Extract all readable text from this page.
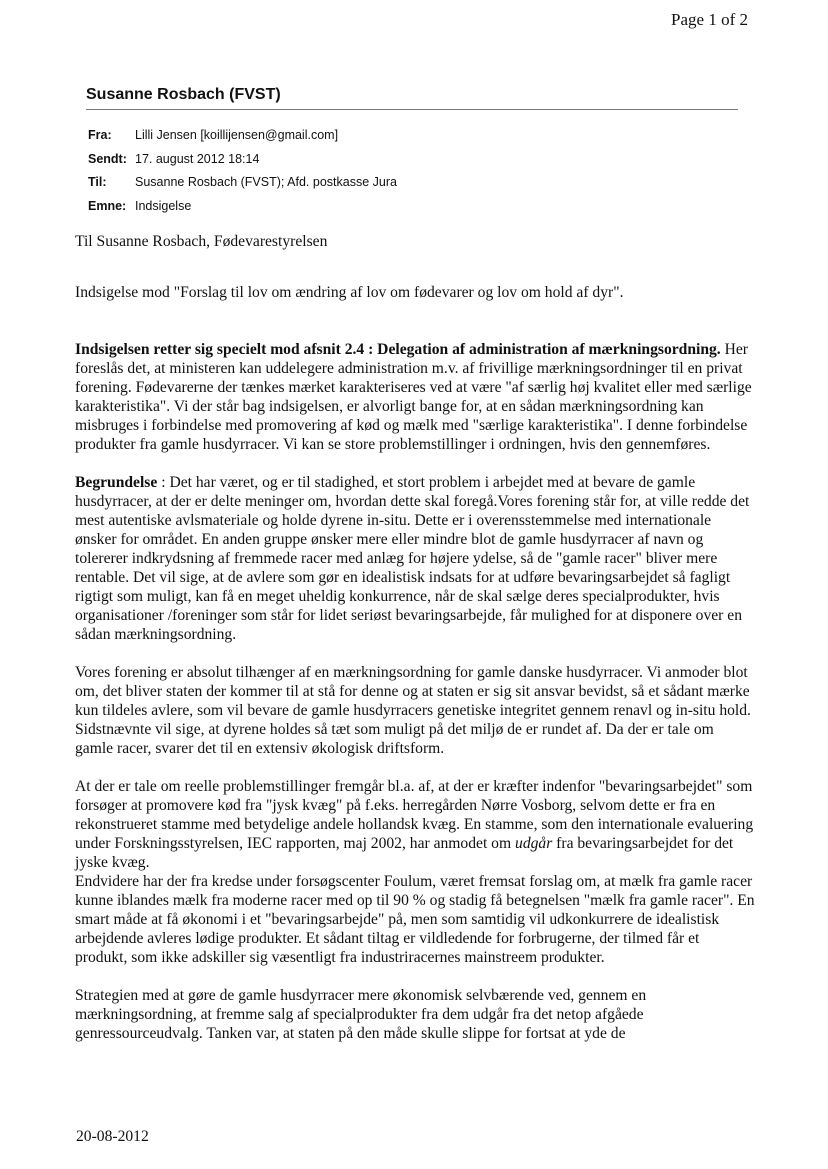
Page 1 of 2
Susanne Rosbach (FVST)
Fra:	Lilli Jensen [koillijensen@gmail.com]
Sendt: 17. august 2012 18:14
Til:	Susanne Rosbach (FVST); Afd. postkasse Jura
Emne: Indsigelse

Til Susanne Rosbach, Fødevarestyrelsen

Indsigelse mod "Forslag til lov om ændring af lov om fødevarer og lov om hold af dyr".

Indsigelsen retter sig specielt mod afsnit 2.4 : Delegation af administration af mærkningsordning. Her foreslås det, at ministeren kan uddelegere administration m.v. af frivillige mærkningsordninger til en privat forening. Fødevarerne der tænkes mærket karakteriseres ved at være "af særlig høj kvalitet eller med særlige karakteristika". Vi der står bag indsigelsen, er alvorligt bange for, at en sådan mærkningsordning kan misbruges i forbindelse med promovering af kød og mælk med "særlige karakteristika". I denne forbindelse produkter fra gamle husdyrracer. Vi kan se store problemstillinger i ordningen, hvis den gennemføres.

Begrundelse : Det har været, og er til stadighed, et stort problem i arbejdet med at bevare de gamle husdyrracer, at der er delte meninger om, hvordan dette skal foregå.Vores forening står for, at ville redde det mest autentiske avlsmateriale og holde dyrene in-situ. Dette er i overensstemmelse med internationale ønsker for området. En anden gruppe ønsker mere eller mindre blot de gamle husdyrracer af navn og tolererer indkrydsning af fremmede racer med anlæg for højere ydelse, så de "gamle racer" bliver mere rentable. Det vil sige, at de avlere som gør en idealistisk indsats for at udføre bevaringsarbejdet så fagligt rigtigt som muligt, kan få en meget uheldig konkurrence, når de skal sælge deres specialprodukter, hvis organisationer /foreninger som står for lidet seriøst bevaringsarbejde, får mulighed for at disponere over en sådan mærkningsordning.

Vores forening er absolut tilhænger af en mærkningsordning for gamle danske husdyrracer. Vi anmoder blot om, det bliver staten der kommer til at stå for denne og at staten er sig sit ansvar bevidst, så et sådant mærke kun tildeles avlere, som vil bevare de gamle husdyrracers genetiske integritet gennem renavl og in-situ hold. Sidstnævnte vil sige, at dyrene holdes så tæt som muligt på det miljø de er rundet af. Da der er tale om gamle racer, svarer det til en extensiv økologisk driftsform.

At der er tale om reelle problemstillinger fremgår bl.a. af, at der er kræfter indenfor "bevaringsarbejdet" som forsøger at promovere kød fra "jysk kvæg" på f.eks. herregården Nørre Vosborg, selvom dette er fra en rekonstrueret stamme med betydelige andele hollandsk kvæg. En stamme, som den internationale evaluering under Forskningsstyrelsen, IEC rapporten, maj 2002, har anmodet om udgår fra bevaringsarbejdet for det jyske kvæg.

Endvidere har der fra kredse under forsøgscenter Foulum, været fremsat forslag om, at mælk fra gamle racer kunne iblandes mælk fra moderne racer med op til 90 % og stadig få betegnelsen "mælk fra gamle racer". En smart måde at få økonomi i et "bevaringsarbejde" på, men som samtidig vil udkonkurrere de idealistisk arbejdende avleres lødige produkter. Et sådant tiltag er vildledende for forbrugerne, der tilmed får et produkt, som ikke adskiller sig væsentligt fra industriracernes mainstreem produkter.

Strategien med at gøre de gamle husdyrracer mere økonomisk selvbærende ved, gennem en mærkningsordning, at fremme salg af specialprodukter fra dem udgår fra det netop afgåede genressourceudvalg. Tanken var, at staten på den måde skulle slippe for fortsat at yde de

20-08-2012
